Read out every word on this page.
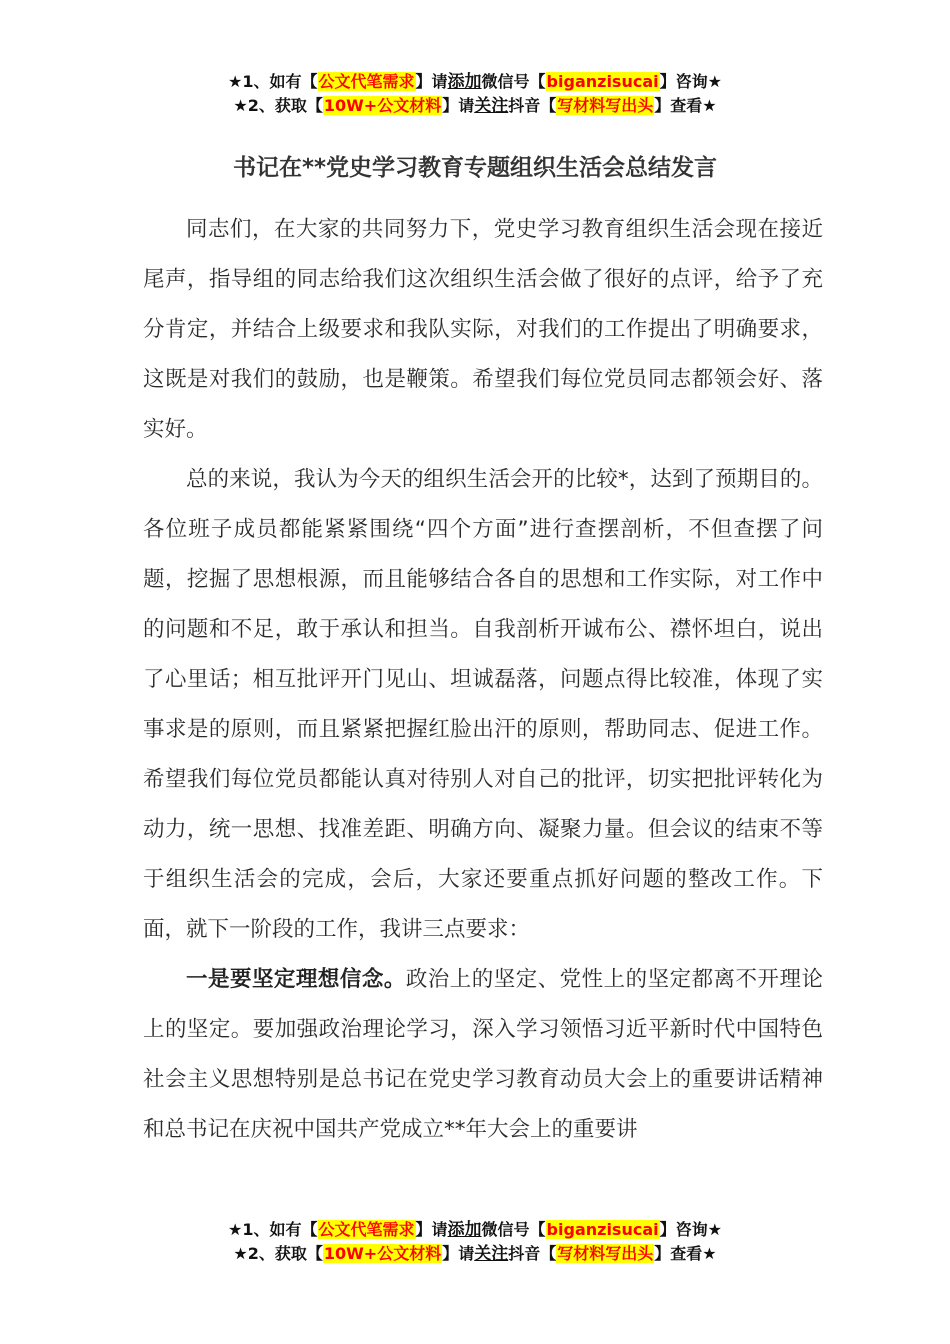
★1、如有【公文代笔需求】请添加微信号【biganzisucai】咨询★
★2、获取【10W+公文材料】请关注抖音【写材料写出头】查看★
书记在**党史学习教育专题组织生活会总结发言

同志们，在大家的共同努力下，党史学习教育组织生活会现在接近尾声，指导组的同志给我们这次组织生活会做了很好的点评，给予了充分肯定，并结合上级要求和我队实际，对我们的工作提出了明确要求，这既是对我们的鼓励，也是鞭策。希望我们每位党员同志都领会好、落实好。

总的来说，我认为今天的组织生活会开的比较*，达到了预期目的。各位班子成员都能紧紧围绕“四个方面”进行查摆剖析，不但查摆了问题，挖掘了思想根源，而且能够结合各自的思想和工作实际，对工作中的问题和不足，敢于承认和担当。自我剖析开诚布公、襟怀坦白，说出了心里话；相互批评开门见山、坦诚磊落，问题点得比较准，体现了实事求是的原则，而且紧紧把握红脸出汗的原则，帮助同志、促进工作。希望我们每位党员都能认真对待别人对自己的批评，切实把批评转化为动力，统一思想、找准差距、明确方向、凝聚力量。但会议的结束不等于组织生活会的完成，会后，大家还要重点抓好问题的整改工作。下面，就下一阶段的工作，我讲三点要求：

一是要坚定理想信念。政治上的坚定、党性上的坚定都离不开理论上的坚定。要加强政治理论学习，深入学习领悟习近平新时代中国特色社会主义思想特别是总书记在党史学习教育动员大会上的重要讲话精神和总书记在庆祝中国共产党成立**年大会上的重要讲

★1、如有【公文代笔需求】请添加微信号【biganzisucai】咨询★
★2、获取【10W+公文材料】请关注抖音【写材料写出头】查看★
